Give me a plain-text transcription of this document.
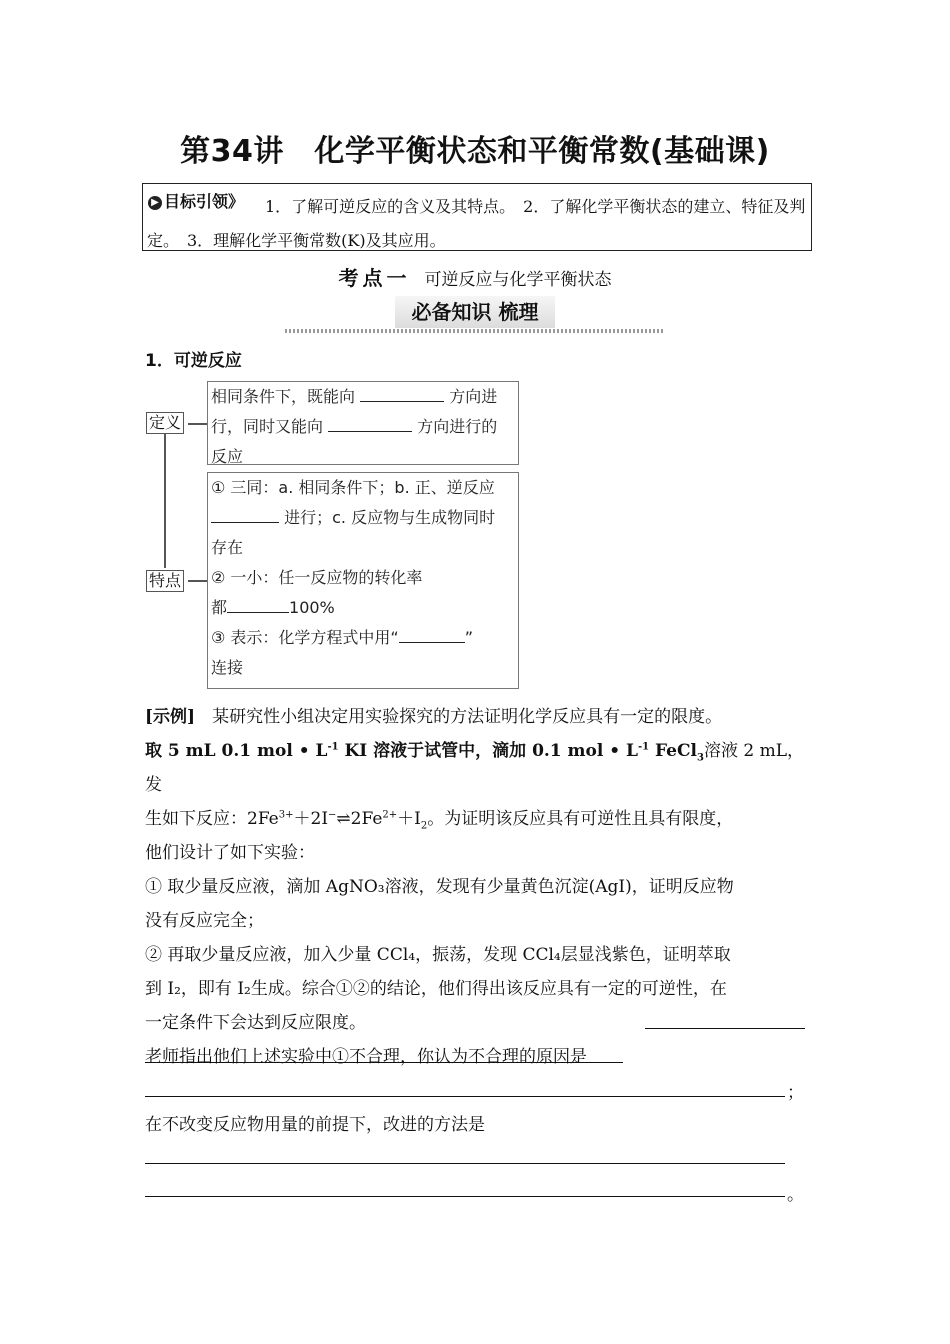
第34讲　化学平衡状态和平衡常数(基础课)
1．了解可逆反应的含义及其特点。　2．了解化学平衡状态的建立、特征及判定。　3．理解化学平衡常数(K)及其应用。
▶ 目标引领》
考点一 可逆反应与化学平衡状态
必备知识 梳理
1．可逆反应
定义
相同条件下，既能向	方向进
行，同时又能向	方向进行的
反应
特点
① 三同：a. 相同条件下；b. 正、逆反应
进行；c. 反应物与生成物同时
存在
② 一小：任一反应物的转化率
都	100%
③ 表示：化学方程式中用“	”
连接
[示例]　 某研究性小组决定用实验探究的方法证明化学反应具有一定的限度。
取 5 mL 0.1 mol • $L^{-1}$ KI 溶液于试管中，滴加 0.1 mol • $L^{-1}$ FeCl$_3$溶液 2 mL，发
生如下反应：$2Fe^{3+}+2I^-\rightleftharpoons 2Fe^{2+}+I_2$。为证明该反应具有可逆性且具有限度，
他们设计了如下实验：
① 取少量反应液，滴加 AgNO₃溶液，发现有少量黄色沉淀(AgI)，证明反应物
没有反应完全；
② 再取少量反应液，加入少量 CCl₄，振荡，发现 CCl₄层显浅紫色，证明萃取
到 I₂，即有 I₂生成。综合①②的结论，他们得出该反应具有一定的可逆性，在
一定条件下会达到反应限度。
老师指出他们上述实验中①不合理，你认为不合理的原因是
；
在不改变反应物用量的前提下，改进的方法是
。
